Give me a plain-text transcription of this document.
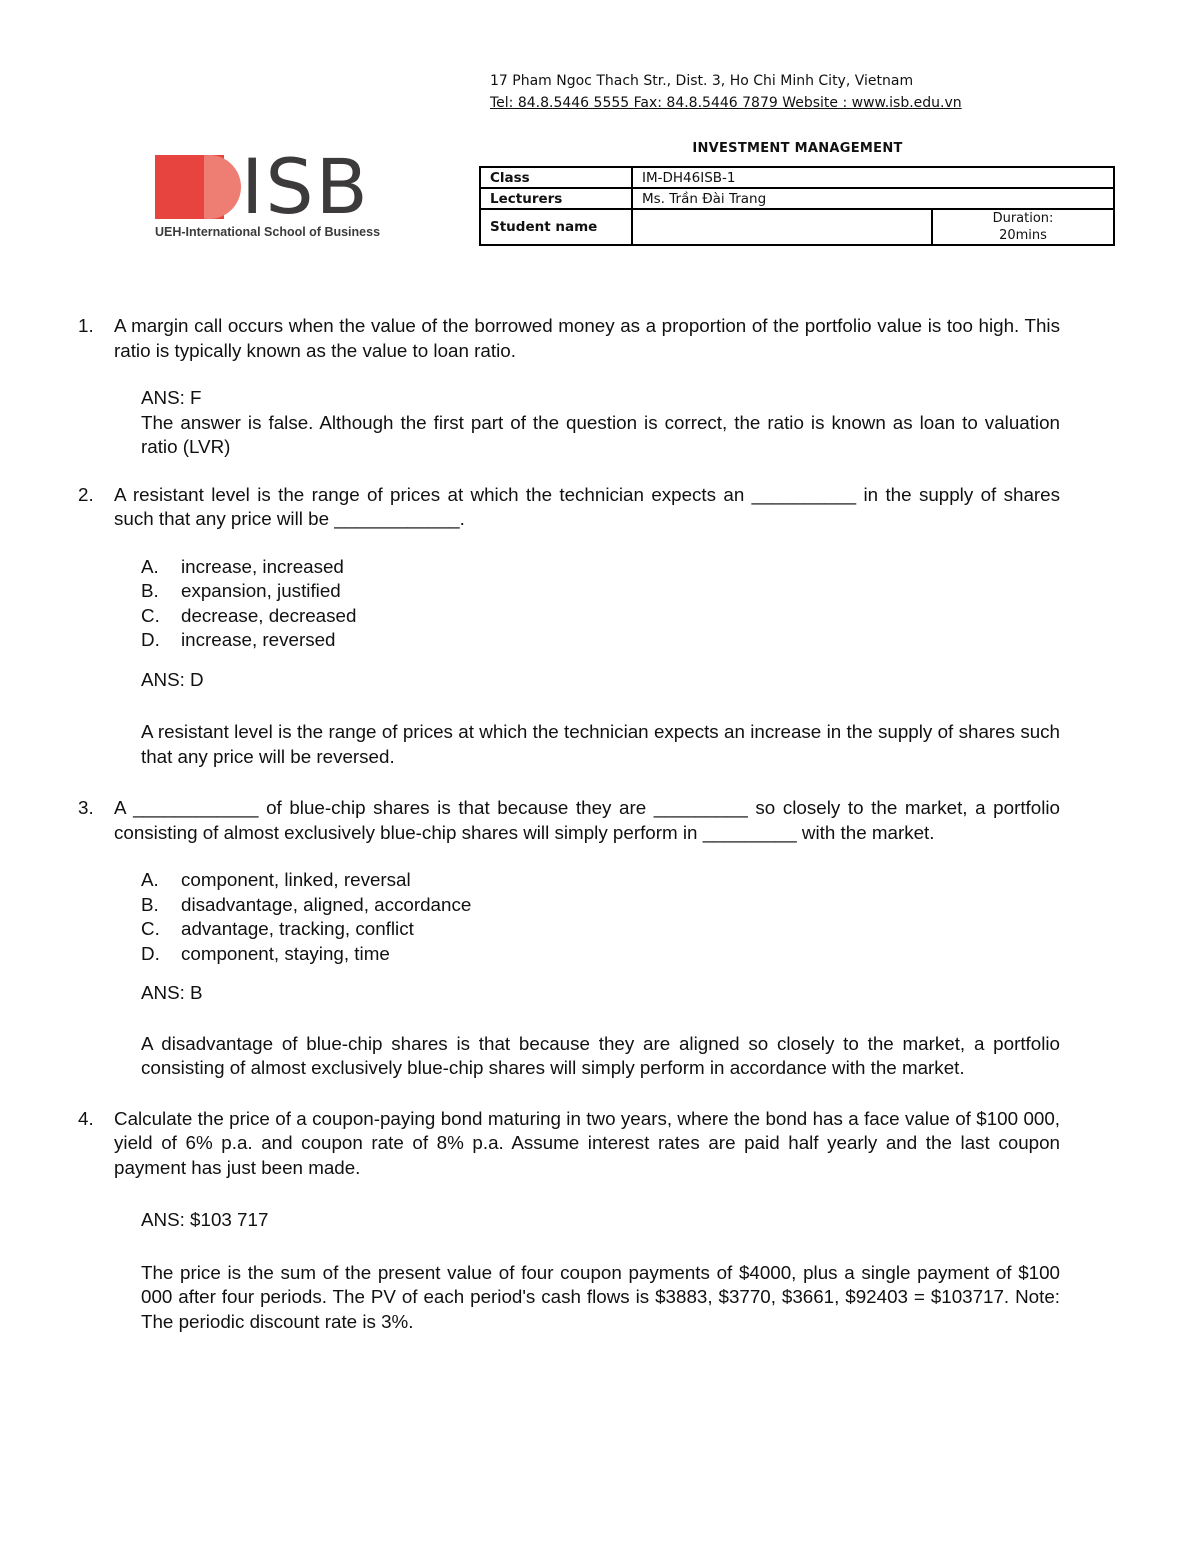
17 Pham Ngoc Thach Str., Dist. 3, Ho Chi Minh City, Vietnam
Tel: 84.8.5446 5555 Fax: 84.8.5446 7879 Website : www.isb.edu.vn
ISB
UEH-International School of Business
INVESTMENT MANAGEMENT
Class	IM-DH46ISB-1	
Lecturers	Ms. Trần Đài Trang	
Student name		Duration:
20mins
1. A margin call occurs when the value of the borrowed money as a proportion of the portfolio value is too high. This ratio is typically known as the value to loan ratio.
ANS: F
The answer is false. Although the first part of the question is correct, the ratio is known as loan to valuation ratio (LVR)
2. A resistant level is the range of prices at which the technician expects an __________ in the supply of shares such that any price will be ____________.
A. increase, increased
B. expansion, justified
C. decrease, decreased
D. increase, reversed
ANS: D
A resistant level is the range of prices at which the technician expects an increase in the supply of shares such that any price will be reversed.
3. A ____________ of blue-chip shares is that because they are _________ so closely to the market, a portfolio consisting of almost exclusively blue-chip shares will simply perform in _________ with the market.
A. component, linked, reversal
B. disadvantage, aligned, accordance
C. advantage, tracking, conflict
D. component, staying, time
ANS: B
A disadvantage of blue-chip shares is that because they are aligned so closely to the market, a portfolio consisting of almost exclusively blue-chip shares will simply perform in accordance with the market.
4. Calculate the price of a coupon-paying bond maturing in two years, where the bond has a face value of $100 000, yield of 6% p.a. and coupon rate of 8% p.a. Assume interest rates are paid half yearly and the last coupon payment has just been made.
ANS: $103 717
The price is the sum of the present value of four coupon payments of $4000, plus a single payment of $100 000 after four periods. The PV of each period's cash flows is $3883, $3770, $3661, $92403 = $103717. Note: The periodic discount rate is 3%.
